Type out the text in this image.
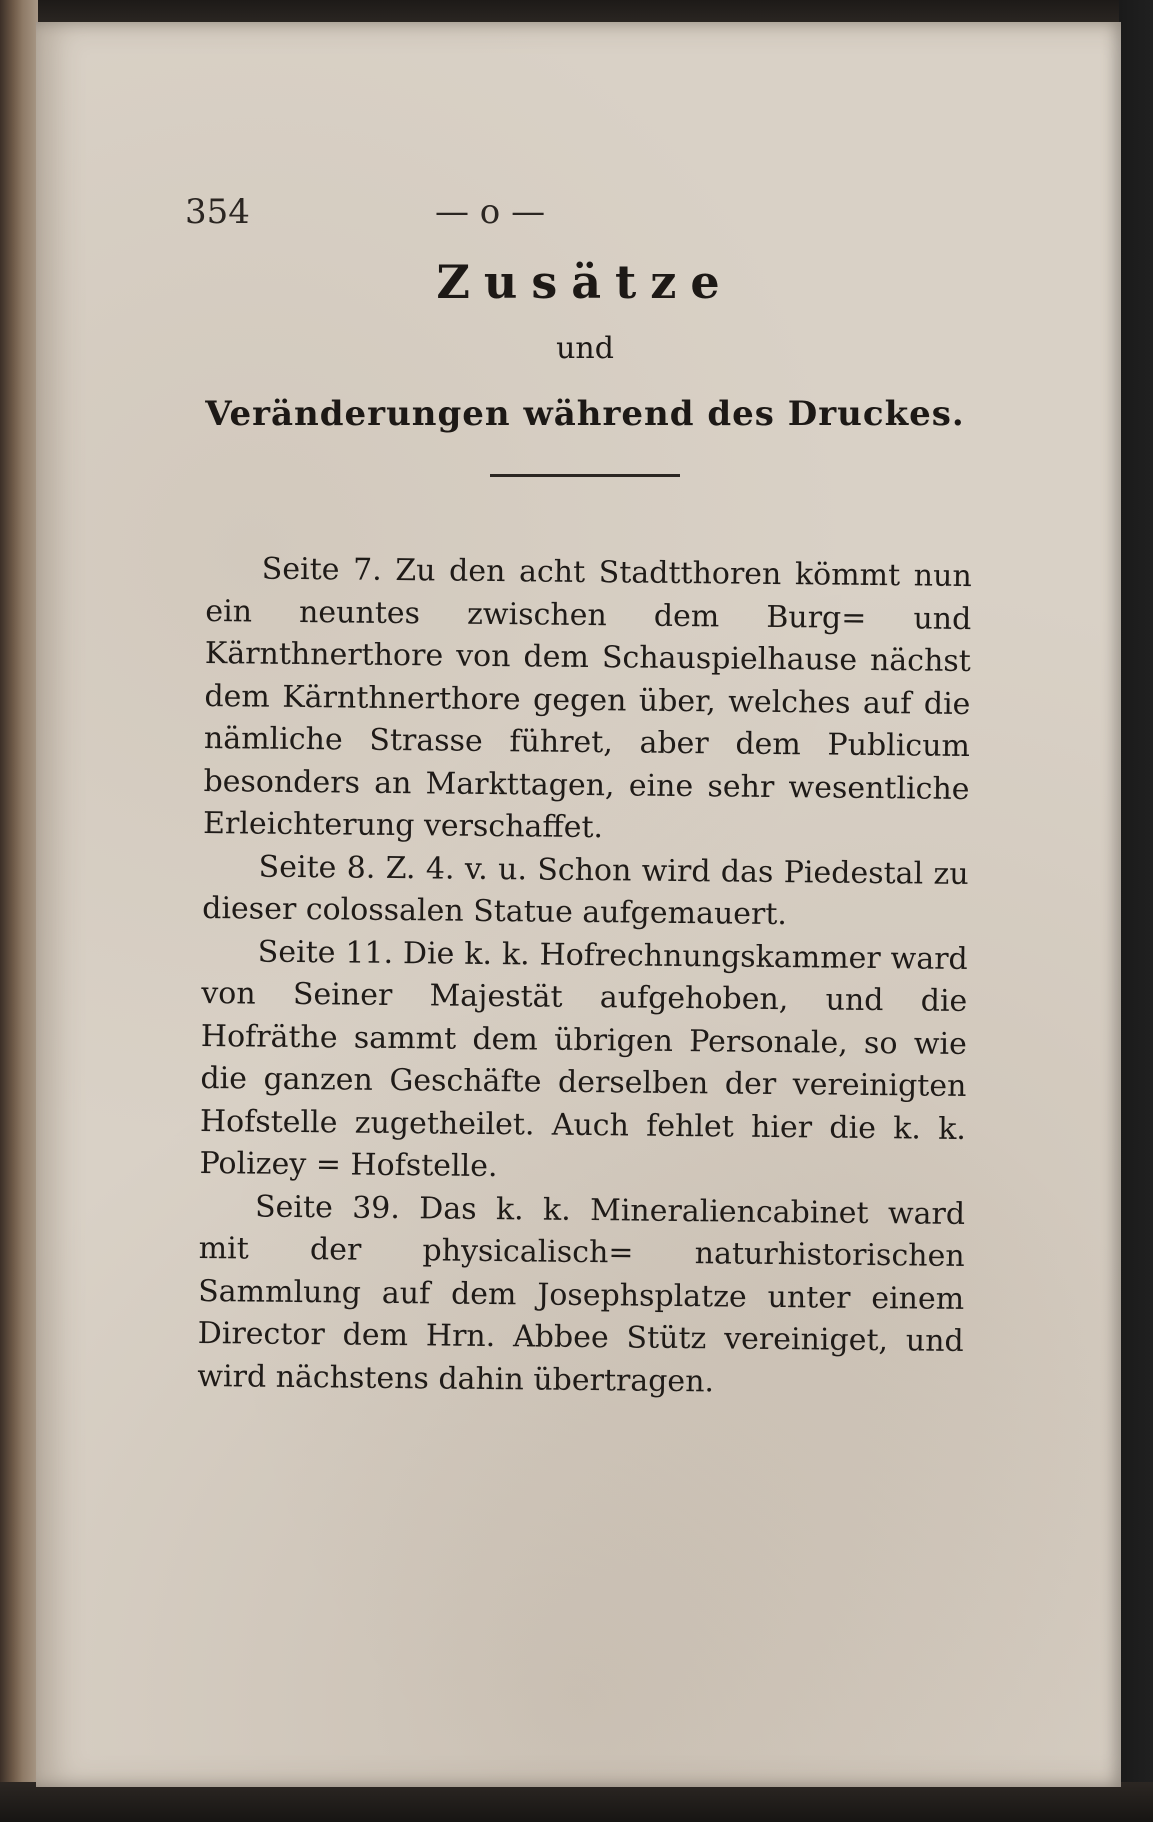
354	— o —

Zusätze

und

Veränderungen während des Druckes.

Seite 7. Zu den acht Stadtthoren kömmt nun ein neuntes zwischen dem Burg= und Kärnthnerthore von dem Schauspielhause nächst dem Kärnthnerthore gegen über, welches auf die nämliche Strasse führet, aber dem Publicum besonders an Markttagen, eine sehr wesentliche Erleichterung verschaffet.

Seite 8. Z. 4. v. u. Schon wird das Piedestal zu dieser colossalen Statue aufgemauert.

Seite 11. Die k. k. Hofrechnungskammer ward von Seiner Majestät aufgehoben, und die Hofräthe sammt dem übrigen Personale, so wie die ganzen Geschäfte derselben der vereinigten Hofstelle zugetheilet. Auch fehlet hier die k. k. Polizey = Hofstelle.

Seite 39. Das k. k. Mineraliencabinet ward mit der physicalisch= naturhistorischen Sammlung auf dem Josephsplatze unter einem Director dem Hrn. Abbee Stütz vereiniget, und wird nächstens dahin übertragen.
